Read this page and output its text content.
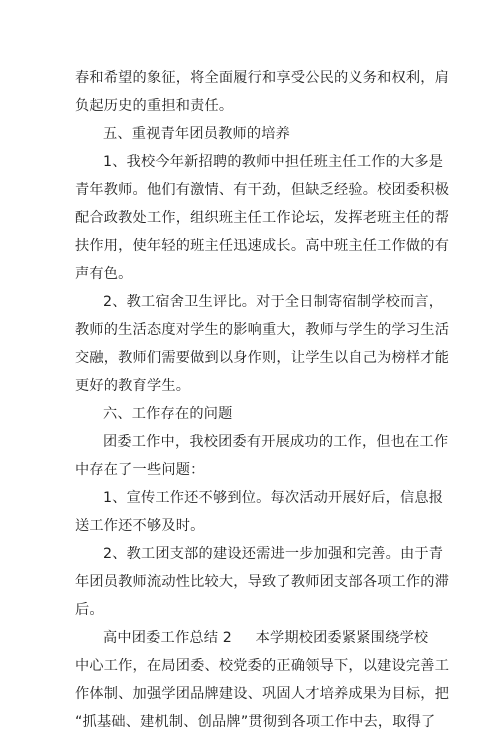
春和希望的象征，将全面履行和享受公民的义务和权利，肩
负起历史的重担和责任。
五、重视青年团员教师的培养
1、我校今年新招聘的教师中担任班主任工作的大多是
青年教师。他们有激情、有干劲，但缺乏经验。校团委积极
配合政教处工作，组织班主任工作论坛，发挥老班主任的帮
扶作用，使年轻的班主任迅速成长。高中班主任工作做的有
声有色。
2、教工宿舍卫生评比。对于全日制寄宿制学校而言，
教师的生活态度对学生的影响重大，教师与学生的学习生活
交融，教师们需要做到以身作则，让学生以自己为榜样才能
更好的教育学生。
六、工作存在的问题
团委工作中，我校团委有开展成功的工作，但也在工作
中存在了一些问题：
1、宣传工作还不够到位。每次活动开展好后，信息报
送工作还不够及时。
2、教工团支部的建设还需进一步加强和完善。由于青
年团员教师流动性比较大，导致了教师团支部各项工作的滞
后。
高中团委工作总结 2     本学期校团委紧紧围绕学校
中心工作，在局团委、校党委的正确领导下，以建设完善工
作体制、加强学团品牌建设、巩固人才培养成果为目标，把
“抓基础、建机制、创品牌”贯彻到各项工作中去，取得了
